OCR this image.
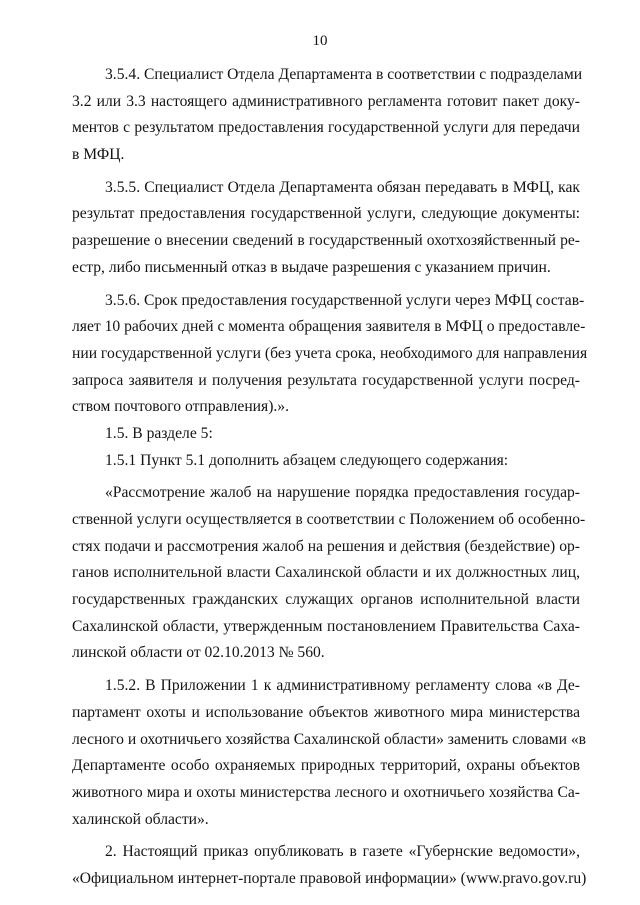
10
3.5.4. Специалист Отдела Департамента в соответствии с подразделами
3.2 или 3.3 настоящего административного регламента готовит пакет доку-
ментов с результатом предоставления государственной услуги для передачи
в МФЦ.
3.5.5. Специалист Отдела Департамента обязан передавать в МФЦ, как
результат предоставления государственной услуги, следующие документы:
разрешение о внесении сведений в государственный охотхозяйственный ре-
естр, либо письменный отказ в выдаче разрешения с указанием причин.
3.5.6. Срок предоставления государственной услуги через МФЦ состав-
ляет 10 рабочих дней с момента обращения заявителя в МФЦ о предоставле-
нии государственной услуги (без учета срока, необходимого для направления
запроса заявителя и получения результата государственной услуги посред-
ством почтового отправления).».
1.5. В разделе 5:
1.5.1 Пункт 5.1 дополнить абзацем следующего содержания:
«Рассмотрение жалоб на нарушение порядка предоставления государ-
ственной услуги осуществляется в соответствии с Положением об особенно-
стях подачи и рассмотрения жалоб на решения и действия (бездействие) ор-
ганов исполнительной власти Сахалинской области и их должностных лиц,
государственных гражданских служащих органов исполнительной власти
Сахалинской области, утвержденным постановлением Правительства Саха-
линской области от 02.10.2013 № 560.
1.5.2. В Приложении 1 к административному регламенту слова «в Де-
партамент охоты и использование объектов животного мира министерства
лесного и охотничьего хозяйства Сахалинской области» заменить словами «в
Департаменте особо охраняемых природных территорий, охраны объектов
животного мира и охоты министерства лесного и охотничьего хозяйства Са-
халинской области».
2. Настоящий приказ опубликовать в газете «Губернские ведомости»,
«Официальном интернет-портале правовой информации» (www.pravo.gov.ru)
